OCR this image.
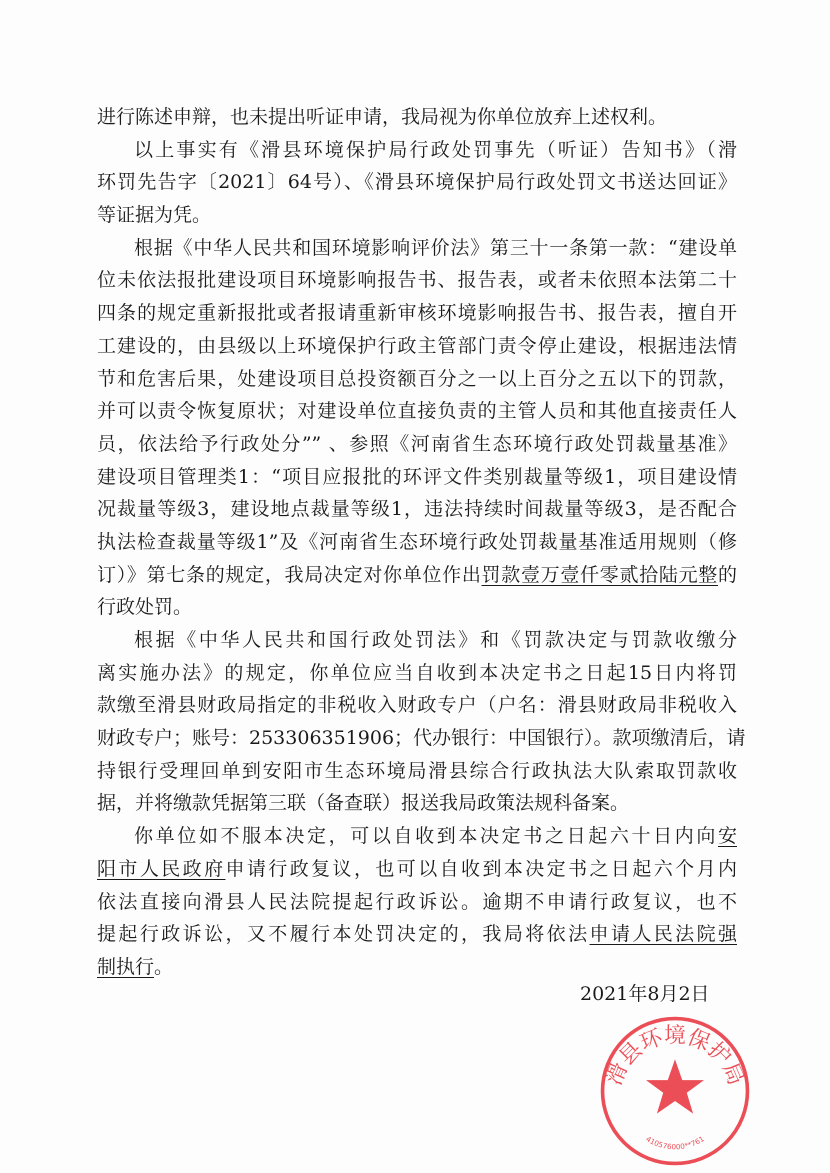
进行陈述申辩，也未提出听证申请，我局视为你单位放弃上述权利。
以上事实有《滑县环境保护局行政处罚事先（听证）告知书》（滑
环罚先告字〔2021〕64号）、《滑县环境保护局行政处罚文书送达回证》
等证据为凭。
根据《中华人民共和国环境影响评价法》第三十一条第一款：“建设单
位未依法报批建设项目环境影响报告书、报告表，或者未依照本法第二十
四条的规定重新报批或者报请重新审核环境影响报告书、报告表，擅自开
工建设的，由县级以上环境保护行政主管部门责令停止建设，根据违法情
节和危害后果，处建设项目总投资额百分之一以上百分之五以下的罚款，
并可以责令恢复原状；对建设单位直接负责的主管人员和其他直接责任人
员，依法给予行政处分”” 、参照《河南省生态环境行政处罚裁量基准》
建设项目管理类1：“项目应报批的环评文件类别裁量等级1，项目建设情
况裁量等级3，建设地点裁量等级1，违法持续时间裁量等级3，是否配合
执法检查裁量等级1”及《河南省生态环境行政处罚裁量基准适用规则（修
订）》第七条的规定，我局决定对你单位作出罚款壹万壹仟零贰拾陆元整的
行政处罚。
根据《中华人民共和国行政处罚法》和《罚款决定与罚款收缴分
离实施办法》的规定，你单位应当自收到本决定书之日起15日内将罚
款缴至滑县财政局指定的非税收入财政专户（户名：滑县财政局非税收入
财政专户；账号：253306351906；代办银行：中国银行）。款项缴清后，请
持银行受理回单到安阳市生态环境局滑县综合行政执法大队索取罚款收
据，并将缴款凭据第三联（备查联）报送我局政策法规科备案。
你单位如不服本决定，可以自收到本决定书之日起六十日内向安
阳市人民政府申请行政复议，也可以自收到本决定书之日起六个月内
依法直接向滑县人民法院提起行政诉讼。逾期不申请行政复议，也不
提起行政诉讼，又不履行本处罚决定的，我局将依法申请人民法院强
制执行。
2021年8月2日
滑县环境保护局
410576000**761
